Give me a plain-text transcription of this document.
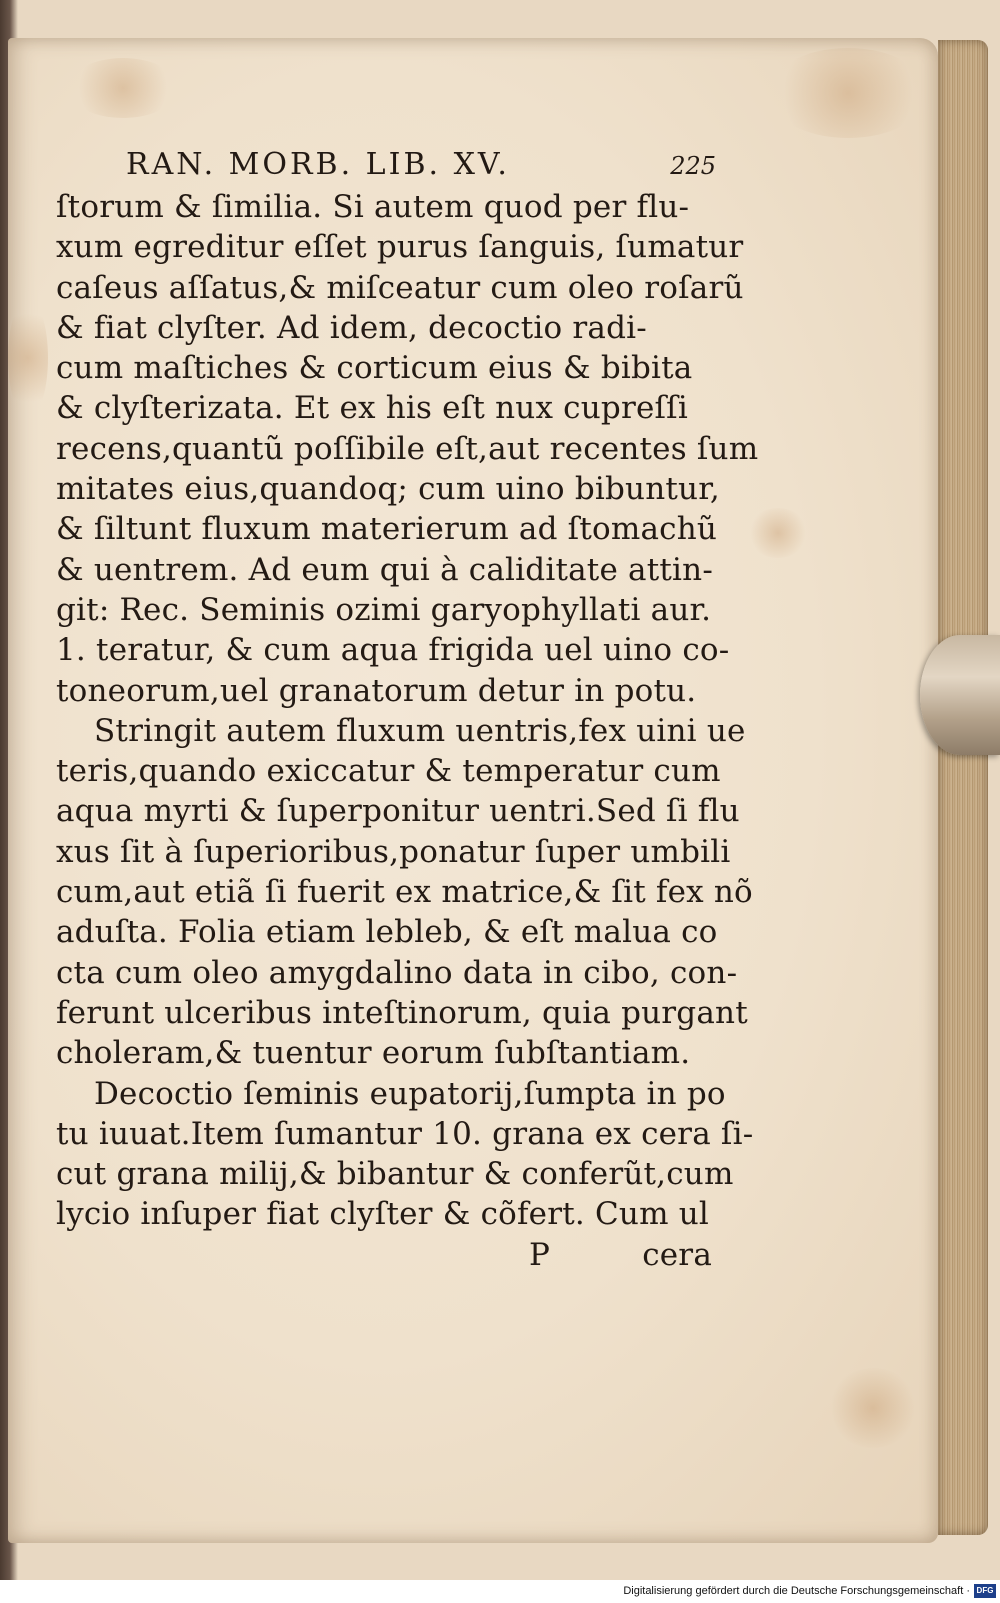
RAN. MORB. LIB. XV.	225
ſtorum & ſimilia. Si autem quod per flu-
xum egreditur eſſet purus ſanguis, ſumatur
caſeus aſſatus,& miſceatur cum oleo roſarũ
& fiat clyſter. Ad idem, decoctio radi-
cum maſtiches & corticum eius & bibita
& clyſterizata. Et ex his eſt nux cupreſſi
recens,quantũ poſſibile eſt,aut recentes ſum
mitates eius,quandoq; cum uino bibuntur,
& ſiltunt fluxum materierum ad ſtomachũ
& uentrem. Ad eum qui à caliditate attin-
git: Rec. Seminis ozimi garyophyllati aur.
1. teratur, & cum aqua frigida uel uino co-
toneorum,uel granatorum detur in potu.
Stringit autem fluxum uentris,fex uini ue
teris,quando exiccatur & temperatur cum
aqua myrti & ſuperponitur uentri.Sed ſi flu
xus ſit à ſuperioribus,ponatur ſuper umbili
cum,aut etiã ſi fuerit ex matrice,& ſit fex nõ
aduſta. Folia etiam lebleb, & eſt malua co
cta cum oleo amygdalino data in cibo, con-
ferunt ulceribus inteſtinorum, quia purgant
choleram,& tuentur eorum ſubſtantiam.
Decoctio ſeminis eupatorij,ſumpta in po
tu iuuat.Item ſumantur 10. grana ex cera ſi-
cut grana milij,& bibantur & conferũt,cum
lycio inſuper fiat clyſter & cõfert. Cum ul
P	cera
Digitalisierung gefördert durch die Deutsche Forschungsgemeinschaft · DFG
